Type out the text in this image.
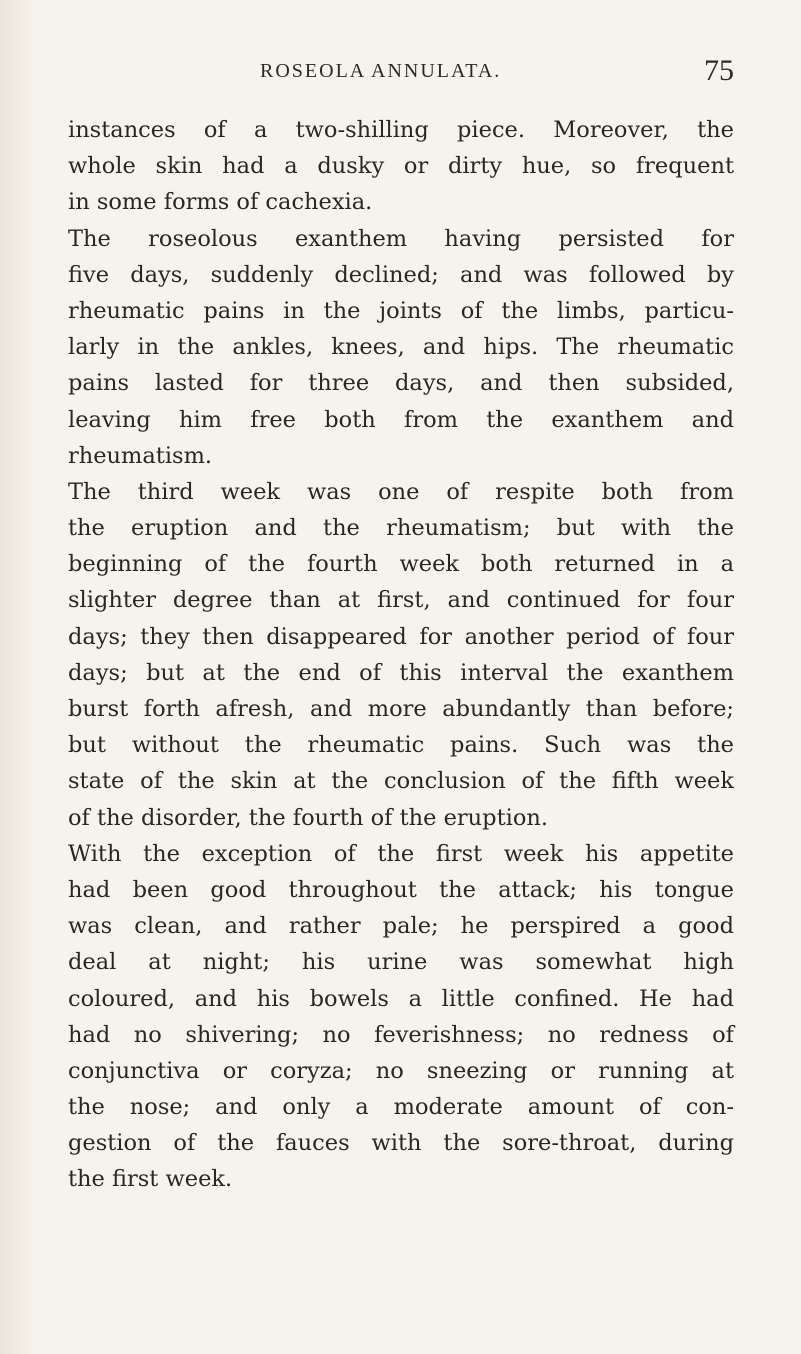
ROSEOLA ANNULATA.	75
instances of a two-shilling piece. Moreover, the
whole skin had a dusky or dirty hue, so frequent
in some forms of cachexia.
The roseolous exanthem having persisted for
five days, suddenly declined; and was followed by
rheumatic pains in the joints of the limbs, particu-
larly in the ankles, knees, and hips. The rheumatic
pains lasted for three days, and then subsided,
leaving him free both from the exanthem and
rheumatism.
The third week was one of respite both from
the eruption and the rheumatism; but with the
beginning of the fourth week both returned in a
slighter degree than at first, and continued for four
days; they then disappeared for another period of four
days; but at the end of this interval the exanthem
burst forth afresh, and more abundantly than before;
but without the rheumatic pains. Such was the
state of the skin at the conclusion of the fifth week
of the disorder, the fourth of the eruption.
With the exception of the first week his appetite
had been good throughout the attack; his tongue
was clean, and rather pale; he perspired a good
deal at night; his urine was somewhat high
coloured, and his bowels a little confined. He had
had no shivering; no feverishness; no redness of
conjunctiva or coryza; no sneezing or running at
the nose; and only a moderate amount of con-
gestion of the fauces with the sore-throat, during
the first week.
